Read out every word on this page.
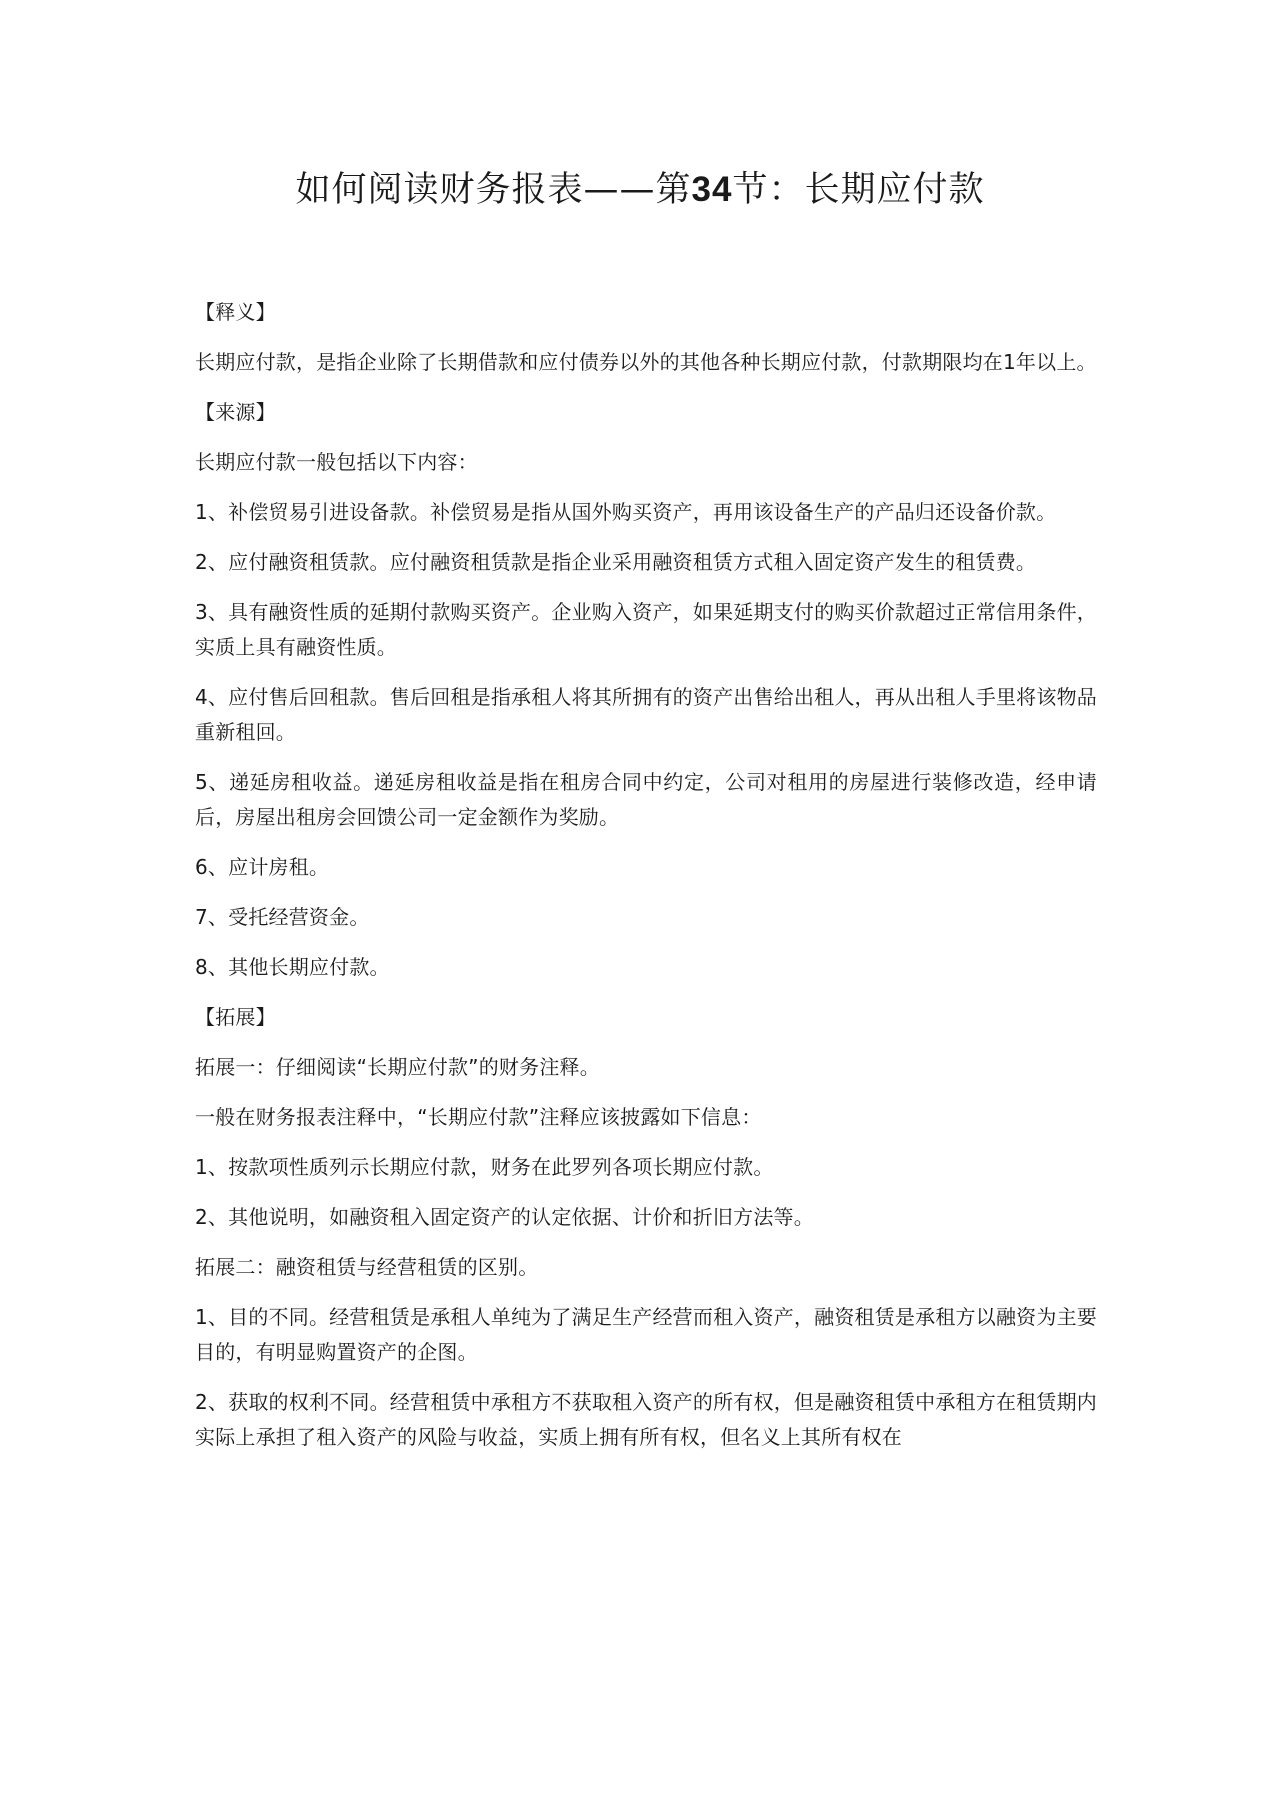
如何阅读财务报表——第34节：长期应付款

【释义】

长期应付款，是指企业除了长期借款和应付债券以外的其他各种长期应付款，付款期限均在1年以上。

【来源】

长期应付款一般包括以下内容：

1、补偿贸易引进设备款。补偿贸易是指从国外购买资产，再用该设备生产的产品归还设备价款。

2、应付融资租赁款。应付融资租赁款是指企业采用融资租赁方式租入固定资产发生的租赁费。

3、具有融资性质的延期付款购买资产。企业购入资产，如果延期支付的购买价款超过正常信用条件，实质上具有融资性质。

4、应付售后回租款。售后回租是指承租人将其所拥有的资产出售给出租人，再从出租人手里将该物品重新租回。

5、递延房租收益。递延房租收益是指在租房合同中约定，公司对租用的房屋进行装修改造，经申请后，房屋出租房会回馈公司一定金额作为奖励。

6、应计房租。

7、受托经营资金。

8、其他长期应付款。

【拓展】

拓展一：仔细阅读“长期应付款”的财务注释。

一般在财务报表注释中，“长期应付款”注释应该披露如下信息：

1、按款项性质列示长期应付款，财务在此罗列各项长期应付款。

2、其他说明，如融资租入固定资产的认定依据、计价和折旧方法等。

拓展二：融资租赁与经营租赁的区别。

1、目的不同。经营租赁是承租人单纯为了满足生产经营而租入资产，融资租赁是承租方以融资为主要目的，有明显购置资产的企图。

2、获取的权利不同。经营租赁中承租方不获取租入资产的所有权，但是融资租赁中承租方在租赁期内实际上承担了租入资产的风险与收益，实质上拥有所有权，但名义上其所有权在
